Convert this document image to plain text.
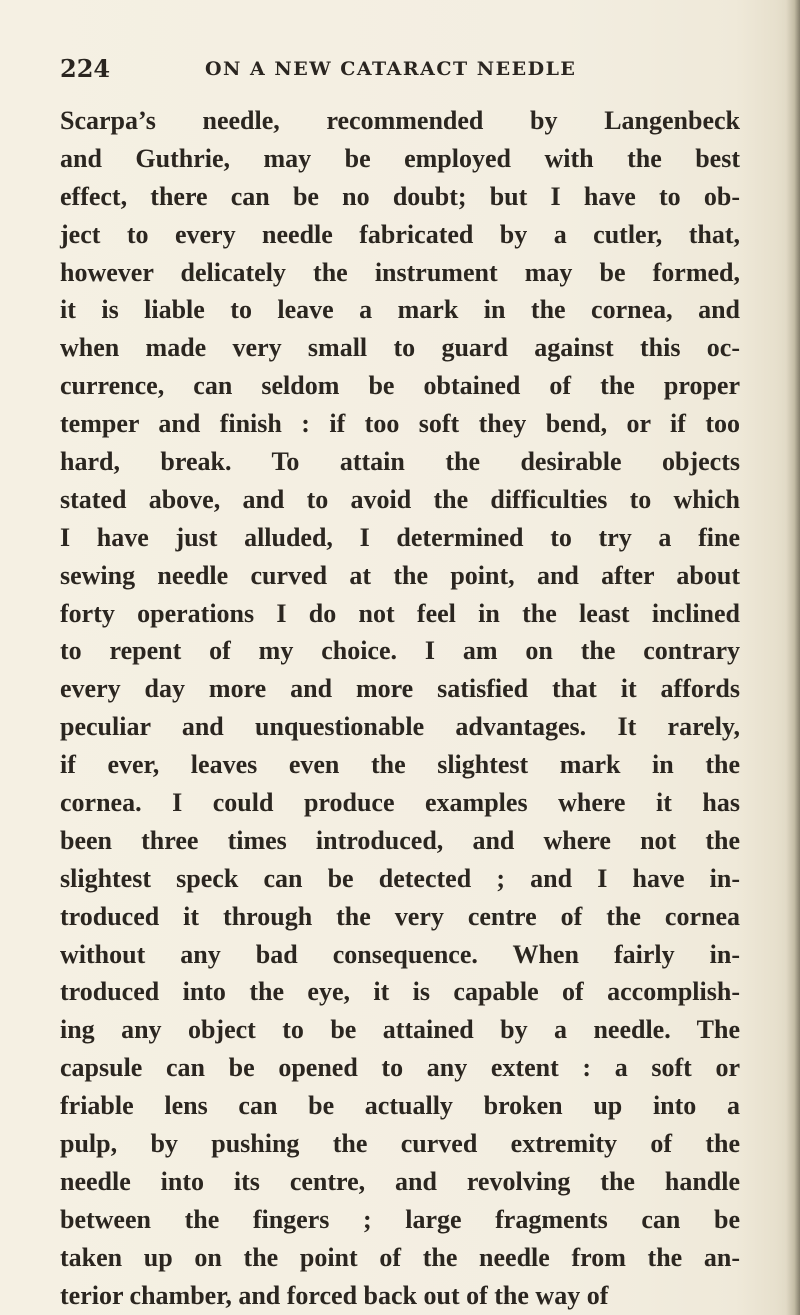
224	ON A NEW CATARACT NEEDLE
Scarpa’s needle, recommended by Langenbeck
and Guthrie, may be employed with the best
effect, there can be no doubt; but I have to ob-
ject to every needle fabricated by a cutler, that,
however delicately the instrument may be formed,
it is liable to leave a mark in the cornea, and
when made very small to guard against this oc-
currence, can seldom be obtained of the proper
temper and finish : if too soft they bend, or if too
hard, break. To attain the desirable objects
stated above, and to avoid the difficulties to which
I have just alluded, I determined to try a fine
sewing needle curved at the point, and after about
forty operations I do not feel in the least inclined
to repent of my choice. I am on the contrary
every day more and more satisfied that it affords
peculiar and unquestionable advantages. It rarely,
if ever, leaves even the slightest mark in the
cornea. I could produce examples where it has
been three times introduced, and where not the
slightest speck can be detected ; and I have in-
troduced it through the very centre of the cornea
without any bad consequence. When fairly in-
troduced into the eye, it is capable of accomplish-
ing any object to be attained by a needle. The
capsule can be opened to any extent : a soft or
friable lens can be actually broken up into a
pulp, by pushing the curved extremity of the
needle into its centre, and revolving the handle
between the fingers ; large fragments can be
taken up on the point of the needle from the an-
terior chamber, and forced back out of the way of
